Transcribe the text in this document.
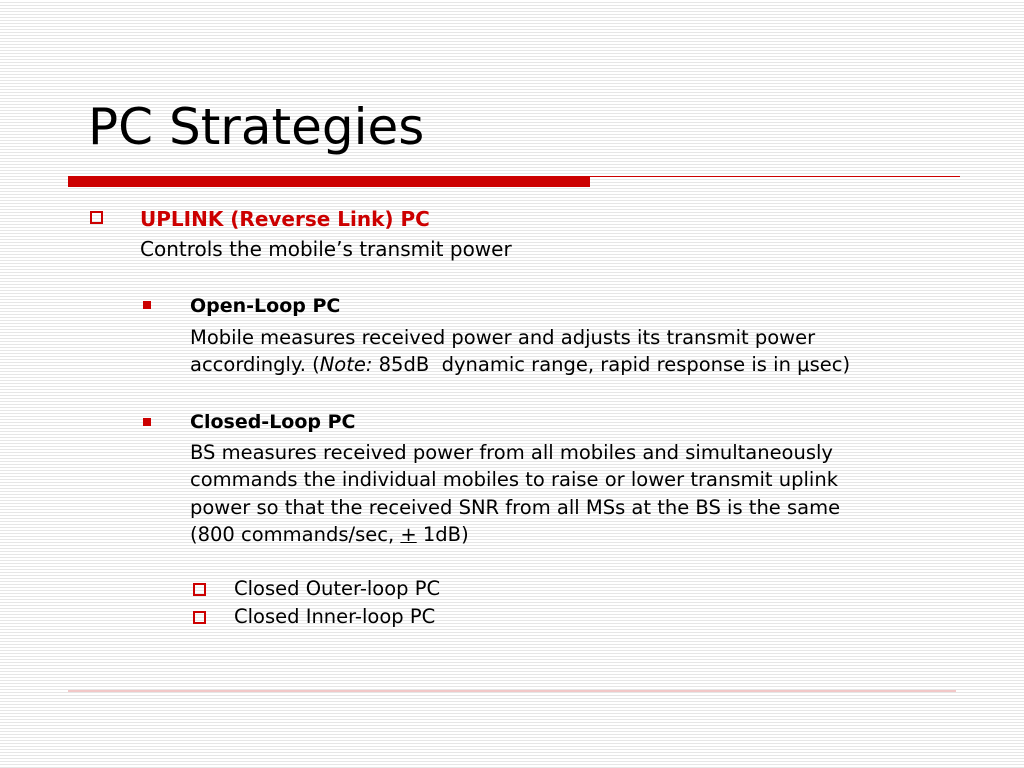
PC Strategies
UPLINK (Reverse Link) PC
Controls the mobile’s transmit power
Open-Loop PC
Mobile measures received power and adjusts its transmit power
accordingly. (Note: 85dB  dynamic range, rapid response is in μsec)
Closed-Loop PC
BS measures received power from all mobiles and simultaneously
commands the individual mobiles to raise or lower transmit uplink
power so that the received SNR from all MSs at the BS is the same
(800 commands/sec, + 1dB)
Closed Outer-loop PC
Closed Inner-loop PC
